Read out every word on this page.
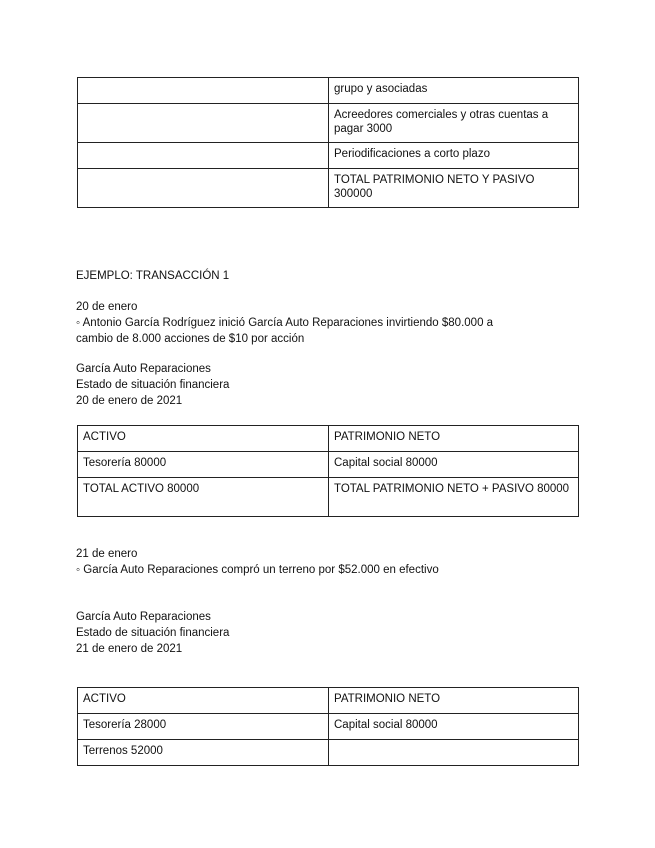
	grupo y asociadas
	Acreedores comerciales y otras cuentas a pagar 3000
	Periodificaciones a corto plazo
	TOTAL PATRIMONIO NETO Y PASIVO 300000
EJEMPLO: TRANSACCIÓN 1
20 de enero
◦ Antonio García Rodríguez inició García Auto Reparaciones invirtiendo $80.000 a
cambio de 8.000 acciones de $10 por acción
García Auto Reparaciones
Estado de situación financiera
20 de enero de 2021
ACTIVO	PATRIMONIO NETO
Tesorería 80000	Capital social 80000
TOTAL ACTIVO 80000	TOTAL PATRIMONIO NETO + PASIVO 80000
21 de enero
◦ García Auto Reparaciones compró un terreno por $52.000 en efectivo
García Auto Reparaciones
Estado de situación financiera
21 de enero de 2021
ACTIVO	PATRIMONIO NETO
Tesorería 28000	Capital social 80000
Terrenos 52000	
